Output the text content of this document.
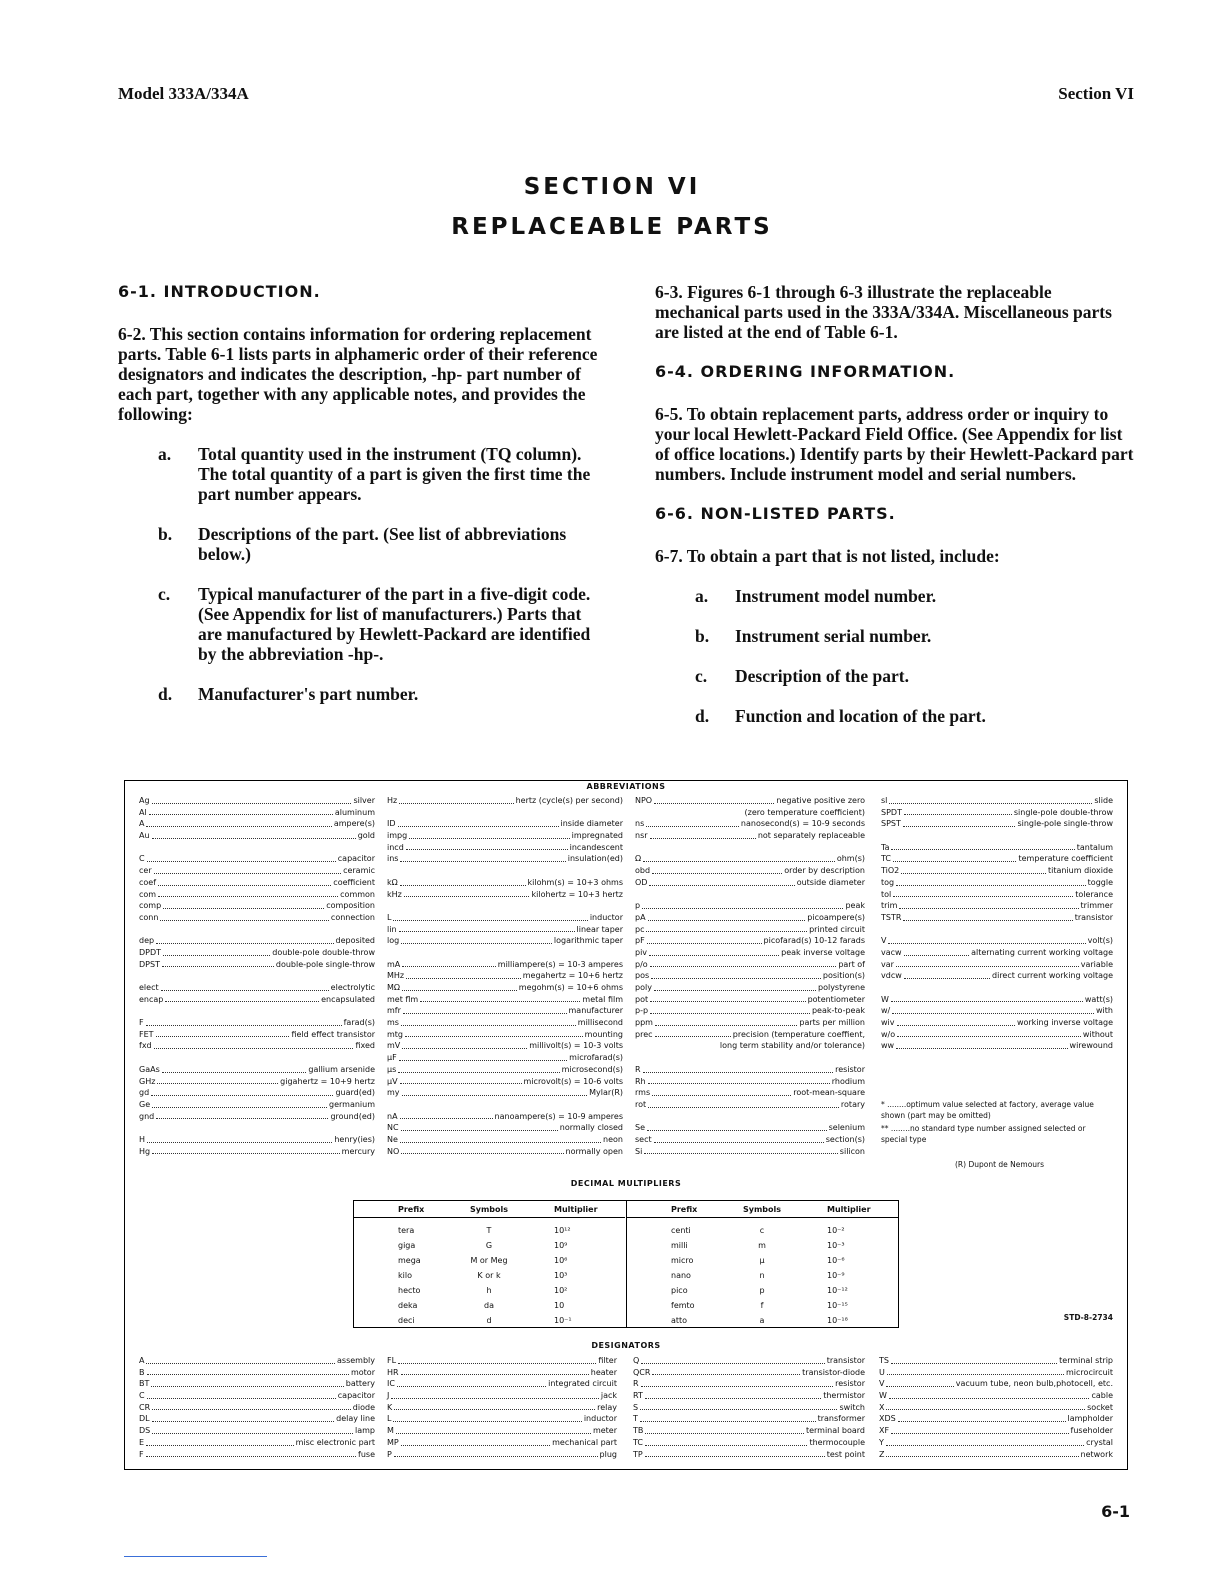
Model 333A/334A	Section VI
SECTION VI
REPLACEABLE PARTS
6-1. INTRODUCTION.
6-2. This section contains information for ordering replacement parts. Table 6-1 lists parts in alphameric order of their reference designators and indicates the description, -hp- part number of each part, together with any applicable notes, and provides the following:
a. Total quantity used in the instrument (TQ column). The total quantity of a part is given the first time the part number appears.
b. Descriptions of the part. (See list of abbreviations below.)
c. Typical manufacturer of the part in a five-digit code. (See Appendix for list of manufacturers.) Parts that are manufactured by Hewlett-Packard are identified by the abbreviation -hp-.
d. Manufacturer's part number.
6-3. Figures 6-1 through 6-3 illustrate the replaceable mechanical parts used in the 333A/334A. Miscellaneous parts are listed at the end of Table 6-1.
6-4. ORDERING INFORMATION.
6-5. To obtain replacement parts, address order or inquiry to your local Hewlett-Packard Field Office. (See Appendix for list of office locations.) Identify parts by their Hewlett-Packard part numbers. Include instrument model and serial numbers.
6-6. NON-LISTED PARTS.
6-7. To obtain a part that is not listed, include:
a. Instrument model number.
b. Instrument serial number.
c. Description of the part.
d. Function and location of the part.
ABBREVIATIONS
Ag	silver
Al	aluminum
A	ampere(s)
Au	gold
C	capacitor
cer	ceramic
coef	coefficient
com	common
comp	composition
conn	connection
dep	deposited
DPDT	double-pole double-throw
DPST	double-pole single-throw
elect	electrolytic
encap	encapsulated
F	farad(s)
FET	field effect transistor
fxd	fixed
GaAs	gallium arsenide
GHz	gigahertz = 10+9 hertz
gd	guard(ed)
Ge	germanium
gnd	ground(ed)
H	henry(ies)
Hg	mercury
Hz	hertz (cycle(s) per second)
ID	inside diameter
impg	impregnated
incd	incandescent
ins	insulation(ed)
kΩ	kilohm(s) = 10+3 ohms
kHz	kilohertz = 10+3 hertz
L	inductor
lin	linear taper
log	logarithmic taper
mA	milliampere(s) = 10-3 amperes
MHz	megahertz = 10+6 hertz
MΩ	megohm(s) = 10+6 ohms
met flm	metal film
mfr	manufacturer
ms	millisecond
mtg	mounting
mV	millivolt(s) = 10-3 volts
μF	microfarad(s)
μs	microsecond(s)
μV	microvolt(s) = 10-6 volts
my	Mylar(R)
nA	nanoampere(s) = 10-9 amperes
NC	normally closed
Ne	neon
NO	normally open
NPO	negative positive zero
(zero temperature coefficient)
ns	nanosecond(s) = 10-9 seconds
nsr	not separately replaceable
Ω	ohm(s)
obd	order by description
OD	outside diameter
p	peak
pA	picoampere(s)
pc	printed circuit
pF	picofarad(s) 10-12 farads
piv	peak inverse voltage
p/o	part of
pos	position(s)
poly	polystyrene
pot	potentiometer
p-p	peak-to-peak
ppm	parts per million
prec	precision (temperature coeffient,
long term stability and/or tolerance)
R	resistor
Rh	rhodium
rms	root-mean-square
rot	rotary
Se	selenium
sect	section(s)
Si	silicon
sl	slide
SPDT	single-pole double-throw
SPST	single-pole single-throw
Ta	tantalum
TC	temperature coefficient
TiO2	titanium dioxide
tog	toggle
tol	tolerance
trim	trimmer
TSTR	transistor
V	volt(s)
vacw	alternating current working voltage
var	variable
vdcw	direct current working voltage
W	watt(s)
w/	with
wiv	working inverse voltage
w/o	without
ww	wirewound
* ........optimum value selected at factory, average value shown (part may be omitted)
** ........no standard type number assigned selected or special type
(R) Dupont de Nemours
DECIMAL MULTIPLIERS
Prefix	Symbols	Multiplier
tera	T	10¹²
giga	G	10⁹
mega	M or Meg	10⁶
kilo	K or k	10³
hecto	h	10²
deka	da	10
deci	d	10⁻¹
Prefix	Symbols	Multiplier
centi	c	10⁻²
milli	m	10⁻³
micro	μ	10⁻⁶
nano	n	10⁻⁹
pico	p	10⁻¹²
femto	f	10⁻¹⁵
atto	a	10⁻¹⁸	STD-8-2734
DESIGNATORS
A	assembly
B	motor
BT	battery
C	capacitor
CR	diode
DL	delay line
DS	lamp
E	misc electronic part
F	fuse
FL	filter
HR	heater
IC	integrated circuit
J	jack
K	relay
L	inductor
M	meter
MP	mechanical part
P	plug
Q	transistor
QCR	transistor-diode
R	resistor
RT	thermistor
S	switch
T	transformer
TB	terminal board
TC	thermocouple
TP	test point
TS	terminal strip
U	microcircuit
V	vacuum tube, neon bulb,photocell, etc.
W	cable
X	socket
XDS	lampholder
XF	fuseholder
Y	crystal
Z	network
6-1
